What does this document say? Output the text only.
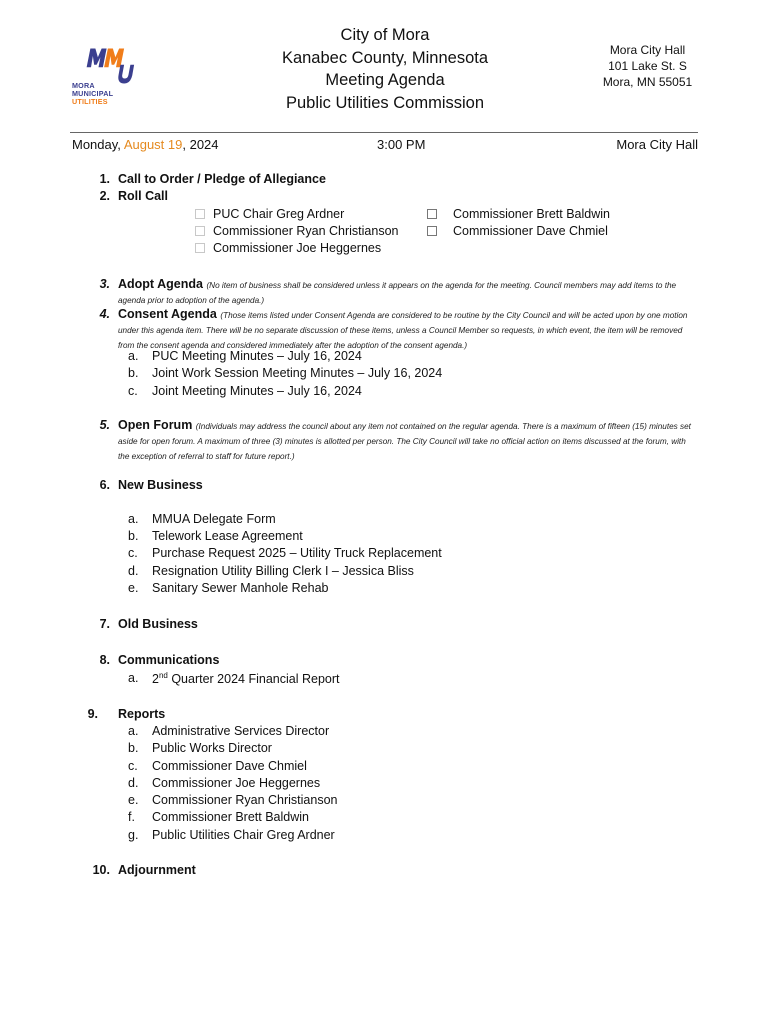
MORA
MUNICIPAL
UTILITIES
City of Mora
Kanabec County, Minnesota
Meeting Agenda
Public Utilities Commission
Mora City Hall
101 Lake St. S
Mora, MN 55051
Monday, August 19, 2024	3:00 PM	Mora City Hall
1. Call to Order / Pledge of Allegiance
2. Roll Call
PUC Chair Greg Ardner
Commissioner Ryan Christianson
Commissioner Joe Heggernes
Commissioner Brett Baldwin
Commissioner Dave Chmiel
3. Adopt Agenda (No item of business shall be considered unless it appears on the agenda for the meeting. Council members may add items to the agenda prior to adoption of the agenda.)
4. Consent Agenda (Those items listed under Consent Agenda are considered to be routine by the City Council and will be acted upon by one motion under this agenda item. There will be no separate discussion of these items, unless a Council Member so requests, in which event, the item will be removed from the consent agenda and considered immediately after the adoption of the consent agenda.)
a.	PUC Meeting Minutes – July 16, 2024
b.	Joint Work Session Meeting Minutes – July 16, 2024
c.	Joint Meeting Minutes – July 16, 2024
5. Open Forum (Individuals may address the council about any item not contained on the regular agenda. There is a maximum of fifteen (15) minutes set aside for open forum. A maximum of three (3) minutes is allotted per person. The City Council will take no official action on items discussed at the forum, with the exception of referral to staff for future report.)
6. New Business
a.	MMUA Delegate Form
b.	Telework Lease Agreement
c.	Purchase Request 2025 – Utility Truck Replacement
d.	Resignation Utility Billing Clerk I – Jessica Bliss
e.	Sanitary Sewer Manhole Rehab
7. Old Business
8. Communications
a.	2nd Quarter 2024 Financial Report
9. Reports
a.	Administrative Services Director
b.	Public Works Director
c.	Commissioner Dave Chmiel
d.	Commissioner Joe Heggernes
e.	Commissioner Ryan Christianson
f.	Commissioner Brett Baldwin
g.	Public Utilities Chair Greg Ardner
10. Adjournment
